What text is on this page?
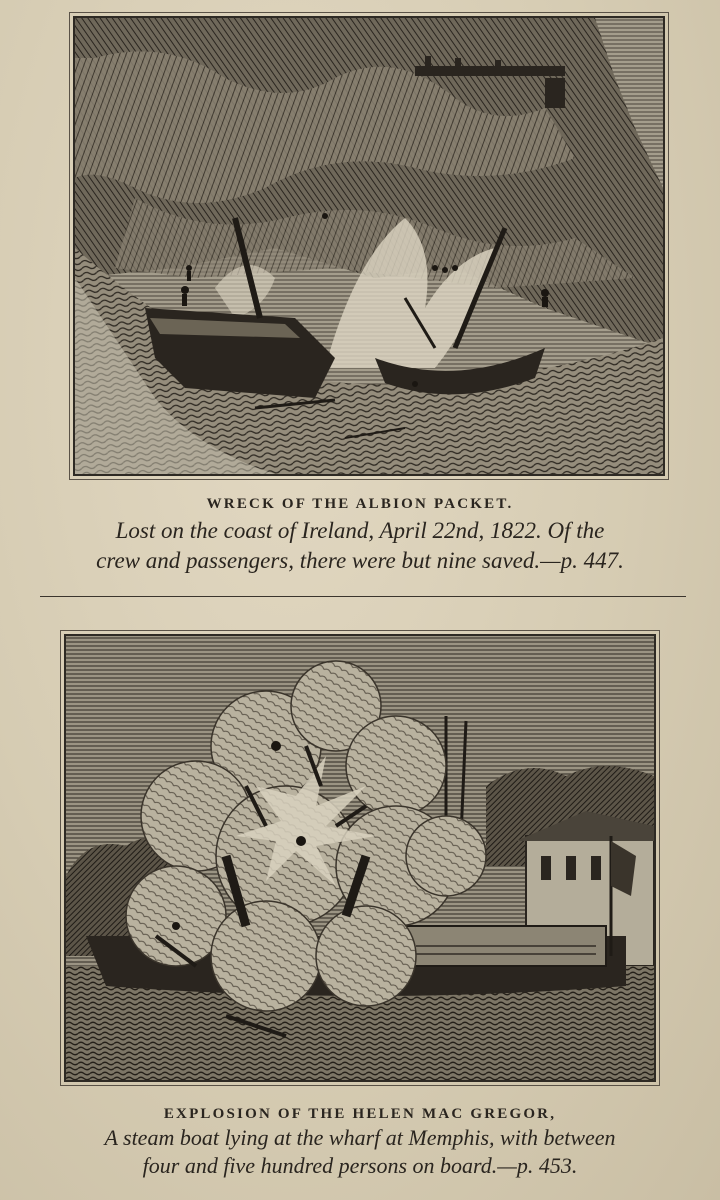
WRECK OF THE ALBION PACKET.
Lost on the coast of Ireland, April 22nd, 1822. Of the
crew and passengers, there were but nine saved.—p. 447.
EXPLOSION OF THE HELEN MAC GREGOR,
A steam boat lying at the wharf at Memphis, with between
four and five hundred persons on board.—p. 453.
